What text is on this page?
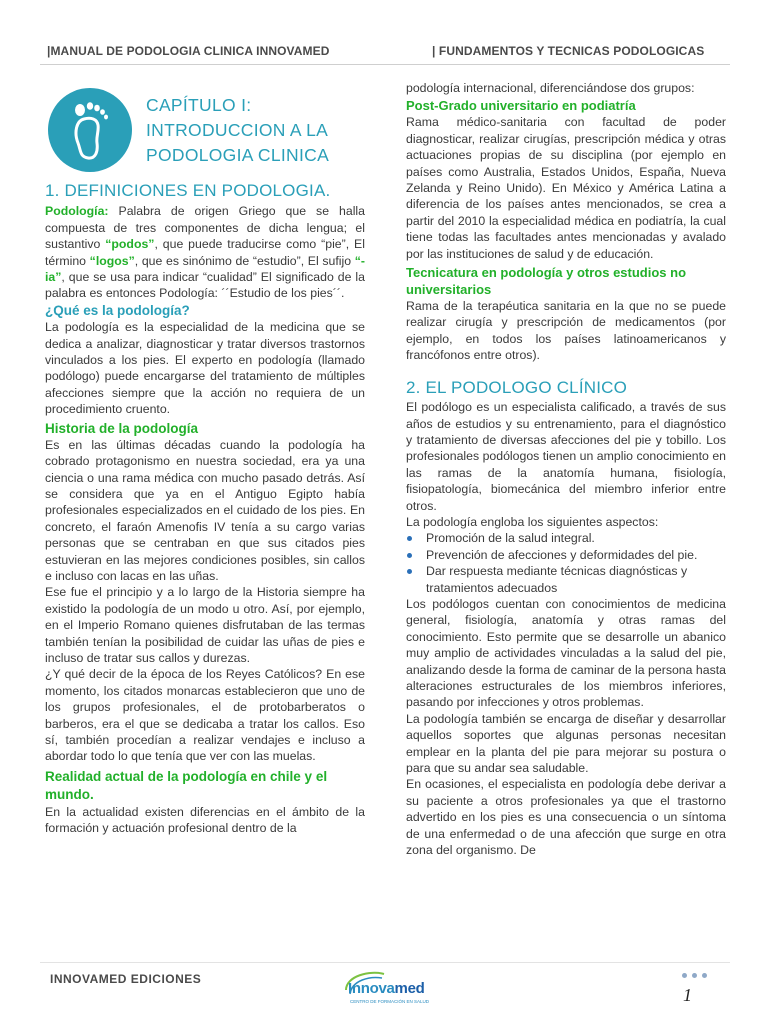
|MANUAL DE PODOLOGIA CLINICA INNOVAMED	| FUNDAMENTOS Y TECNICAS PODOLOGICAS
CAPÍTULO I:
INTRODUCCION A LA
PODOLOGIA CLINICA
1. DEFINICIONES EN PODOLOGIA.

Podología: Palabra de origen Griego que se halla compuesta de tres componentes de dicha lengua; el sustantivo “podos”, que puede traducirse como “pie”, El término “logos”, que es sinónimo de “estudio”, El sufijo “-ia”, que se usa para indicar “cualidad” El significado de la palabra es entonces Podología: ´´Estudio de los pies´´.

¿Qué es la podología?

La podología es la especialidad de la medicina que se dedica a analizar, diagnosticar y tratar diversos trastornos vinculados a los pies. El experto en podología (llamado podólogo) puede encargarse del tratamiento de múltiples afecciones siempre que la acción no requiera de un procedimiento cruento.

Historia de la podología

Es en las últimas décadas cuando la podología ha cobrado protagonismo en nuestra sociedad, era ya una ciencia o una rama médica con mucho pasado detrás. Así se considera que ya en el Antiguo Egipto había profesionales especializados en el cuidado de los pies. En concreto, el faraón Amenofis IV tenía a su cargo varias personas que se centraban en que sus citados pies estuvieran en las mejores condiciones posibles, sin callos e incluso con lacas en las uñas.

Ese fue el principio y a lo largo de la Historia siempre ha existido la podología de un modo u otro. Así, por ejemplo, en el Imperio Romano quienes disfrutaban de las termas también tenían la posibilidad de cuidar las uñas de pies e incluso de tratar sus callos y durezas.

¿Y qué decir de la época de los Reyes Católicos? En ese momento, los citados monarcas establecieron que uno de los grupos profesionales, el de protobarberatos o barberos, era el que se dedicaba a tratar los callos. Eso sí, también procedían a realizar vendajes e incluso a abordar todo lo que tenía que ver con las muelas.

Realidad actual de la podología en chile y el mundo.

En la actualidad existen diferencias en el ámbito de la formación y actuación profesional dentro de la

podología internacional, diferenciándose dos grupos:

Post-Grado universitario en podiatría

Rama médico-sanitaria con facultad de poder diagnosticar, realizar cirugías, prescripción médica y otras actuaciones propias de su disciplina (por ejemplo en países como Australia, Estados Unidos, España, Nueva Zelanda y Reino Unido). En México y América Latina a diferencia de los países antes mencionados, se crea a partir del 2010 la especialidad médica en podiatría, la cual tiene todas las facultades antes mencionadas y avalado por las instituciones de salud y de educación.

Tecnicatura en podología y otros estudios no universitarios

Rama de la terapéutica sanitaria en la que no se puede realizar cirugía y prescripción de medicamentos (por ejemplo, en todos los países latinoamericanos y francófonos entre otros).

2. EL PODOLOGO CLÍNICO

El podólogo es un especialista calificado, a través de sus años de estudios y su entrenamiento, para el diagnóstico y tratamiento de diversas afecciones del pie y tobillo. Los profesionales podólogos tienen un amplio conocimiento en las ramas de la anatomía humana, fisiología, fisiopatología, biomecánica del miembro inferior entre otros.

La podología engloba los siguientes aspectos:

Promoción de la salud integral.
Prevención de afecciones y deformidades del pie.
Dar respuesta mediante técnicas diagnósticas y tratamientos adecuados

Los podólogos cuentan con conocimientos de medicina general, fisiología, anatomía y otras ramas del conocimiento. Esto permite que se desarrolle un abanico muy amplio de actividades vinculadas a la salud del pie, analizando desde la forma de caminar de la persona hasta alteraciones estructurales de los miembros inferiores, pasando por infecciones y otros problemas.

La podología también se encarga de diseñar y desarrollar aquellos soportes que algunas personas necesitan emplear en la planta del pie para mejorar su postura o para que su andar sea saludable.

En ocasiones, el especialista en podología debe derivar a su paciente a otros profesionales ya que el trastorno advertido en los pies es una consecuencia o un síntoma de una enfermedad o de una afección que surge en otra zona del organismo. De

INNOVAMED EDICIONES
Innovamed
CENTRO DE FORMACIÓN EN SALUD	1
